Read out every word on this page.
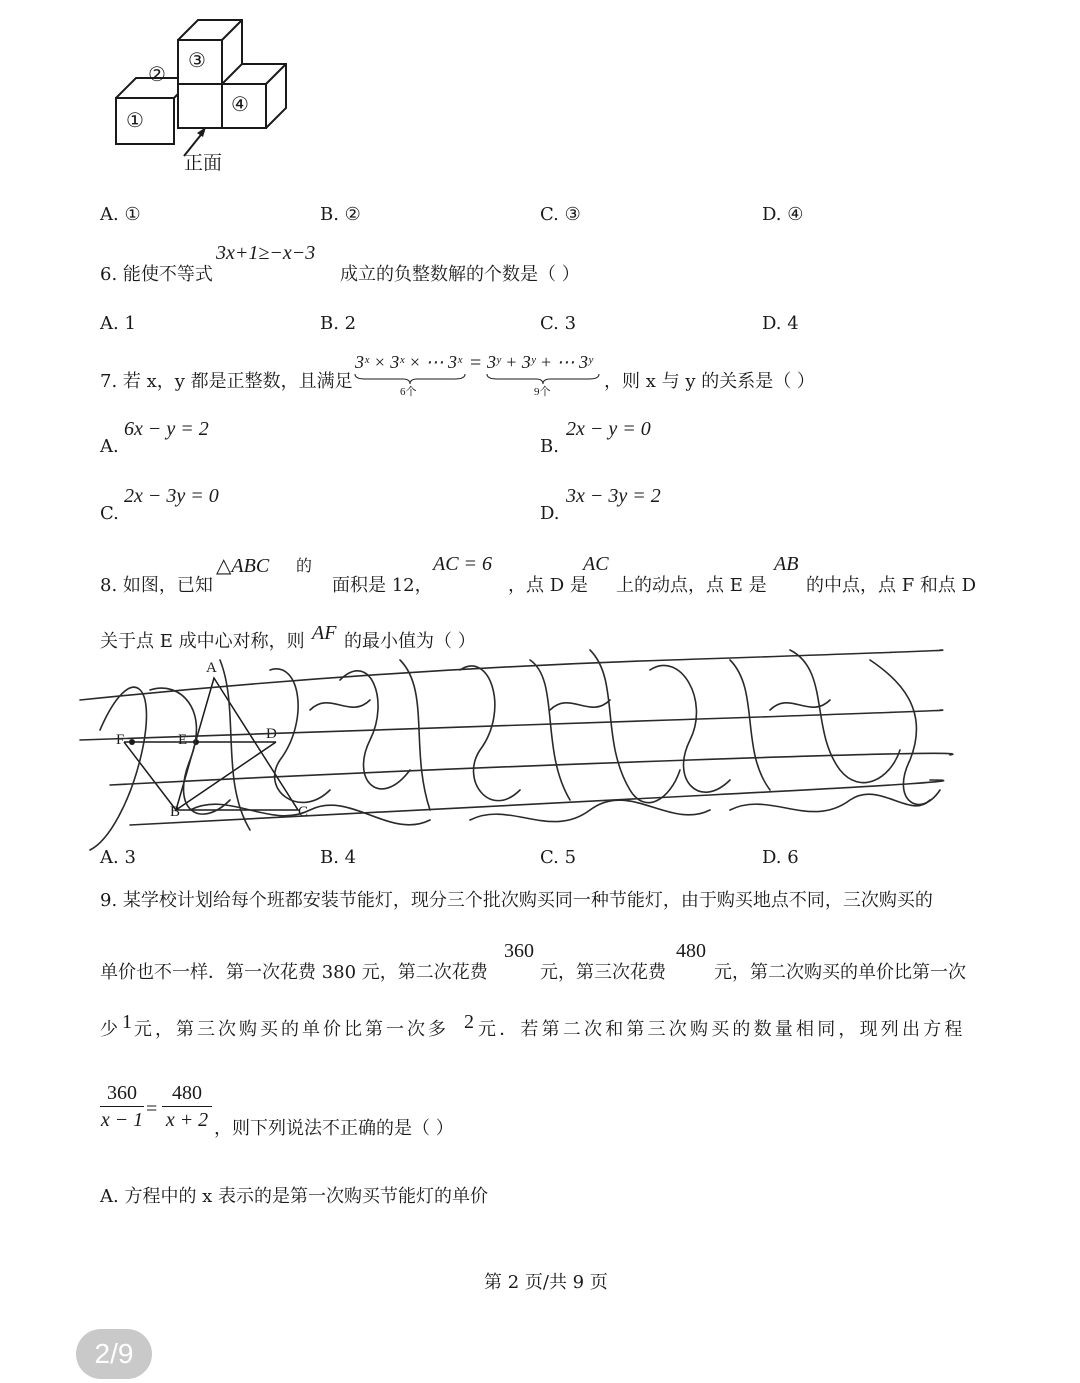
①
②
③
④
正面
A. ①	B. ②	C. ③	D. ④
6. 能使不等式
3x+1≥−x−3
成立的负整数解的个数是（ ）
A. 1	B. 2	C. 3	D. 4
7. 若 x，y 都是正整数，且满足
3ˣ × 3ˣ × ⋯ 3ˣ
6个
= 3ʸ + 3ʸ + ⋯ 3ʸ
9个	，则 x 与 y 的关系是（ ）
A.
6x − y = 2
B.
2x − y = 0
C.
2x − 3y = 0
D.
3x − 3y = 2
8. 如图，已知
△ABC 的
面积是 12，
AC = 6
，点 D 是
AC
上的动点，点 E 是
AB
的中点，点 F 和点 D
关于点 E 成中心对称，则 AF 的最小值为（ ）
A
B	C
D
E
F
A. 3	B. 4	C. 5	D. 6
9. 某学校计划给每个班都安装节能灯，现分三个批次购买同一种节能灯，由于购买地点不同，三次购买的
单价也不一样．第一次花费 380 元，第二次花费
360
元，第三次花费
480
元，第二次购买的单价比第一次
少 1 元，第三次购买的单价比第一次多 2 元．若第二次和第三次购买的数量相同，现列出方程
$\frac{360}{x - 1} = \frac{480}{x + 2}$ ，则下列说法不正确的是（ ）
A. 方程中的 x 表示的是第一次购买节能灯的单价
第 2 页/共 9 页
2/9
